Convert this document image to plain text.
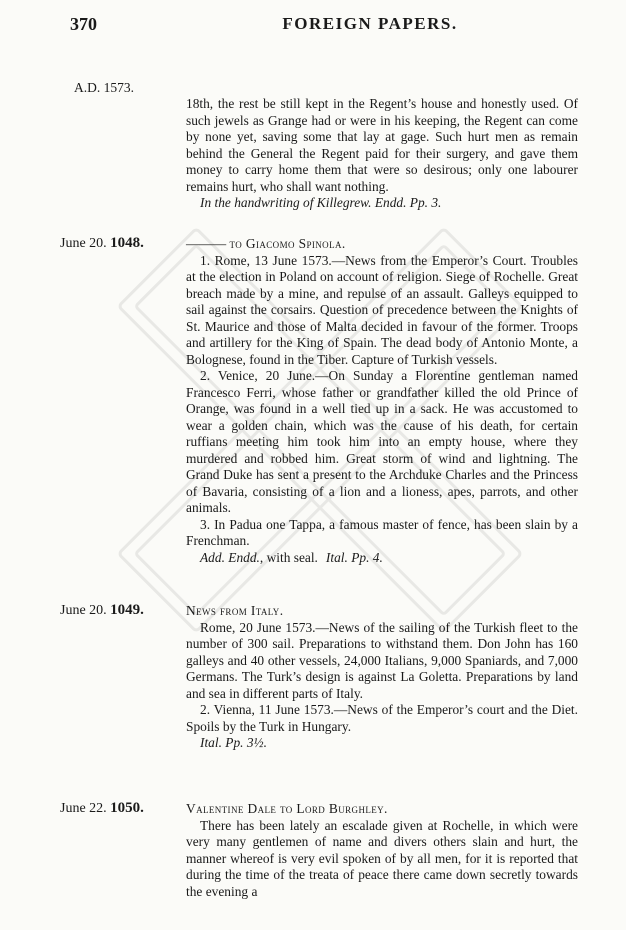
370	FOREIGN PAPERS.
A.D. 1573.

18th, the rest be still kept in the Regent’s house and honestly used. Of such jewels as Grange had or were in his keeping, the Regent can come by none yet, saving some that lay at gage. Such hurt men as remain behind the General the Regent paid for their surgery, and gave them money to carry home them that were so desirous; only one labourer remains hurt, who shall want nothing.

In the handwriting of Killegrew. Endd. Pp. 3.

June 20. 1048.	——— to Giacomo Spinola.

1. Rome, 13 June 1573.—News from the Emperor’s Court. Troubles at the election in Poland on account of religion. Siege of Rochelle. Great breach made by a mine, and repulse of an assault. Galleys equipped to sail against the corsairs. Question of precedence between the Knights of St. Maurice and those of Malta decided in favour of the former. Troops and artillery for the King of Spain. The dead body of Antonio Monte, a Bolognese, found in the Tiber. Capture of Turkish vessels.

2. Venice, 20 June.—On Sunday a Florentine gentleman named Francesco Ferri, whose father or grandfather killed the old Prince of Orange, was found in a well tied up in a sack. He was accustomed to wear a golden chain, which was the cause of his death, for certain ruffians meeting him took him into an empty house, where they murdered and robbed him. Great storm of wind and lightning. The Grand Duke has sent a present to the Archduke Charles and the Princess of Bavaria, consisting of a lion and a lioness, apes, parrots, and other animals.

3. In Padua one Tappa, a famous master of fence, has been slain by a Frenchman.

Add. Endd., with seal. Ital. Pp. 4.

June 20. 1049.	News from Italy.

Rome, 20 June 1573.—News of the sailing of the Turkish fleet to the number of 300 sail. Preparations to withstand them. Don John has 160 galleys and 40 other vessels, 24,000 Italians, 9,000 Spaniards, and 7,000 Germans. The Turk’s design is against La Goletta. Preparations by land and sea in different parts of Italy.

2. Vienna, 11 June 1573.—News of the Emperor’s court and the Diet. Spoils by the Turk in Hungary.

Ital. Pp. 3½.

June 22. 1050.	Valentine Dale to Lord Burghley.

There has been lately an escalade given at Rochelle, in which were very many gentlemen of name and divers others slain and hurt, the manner whereof is very evil spoken of by all men, for it is reported that during the time of the treata of peace there came down secretly towards the evening a
